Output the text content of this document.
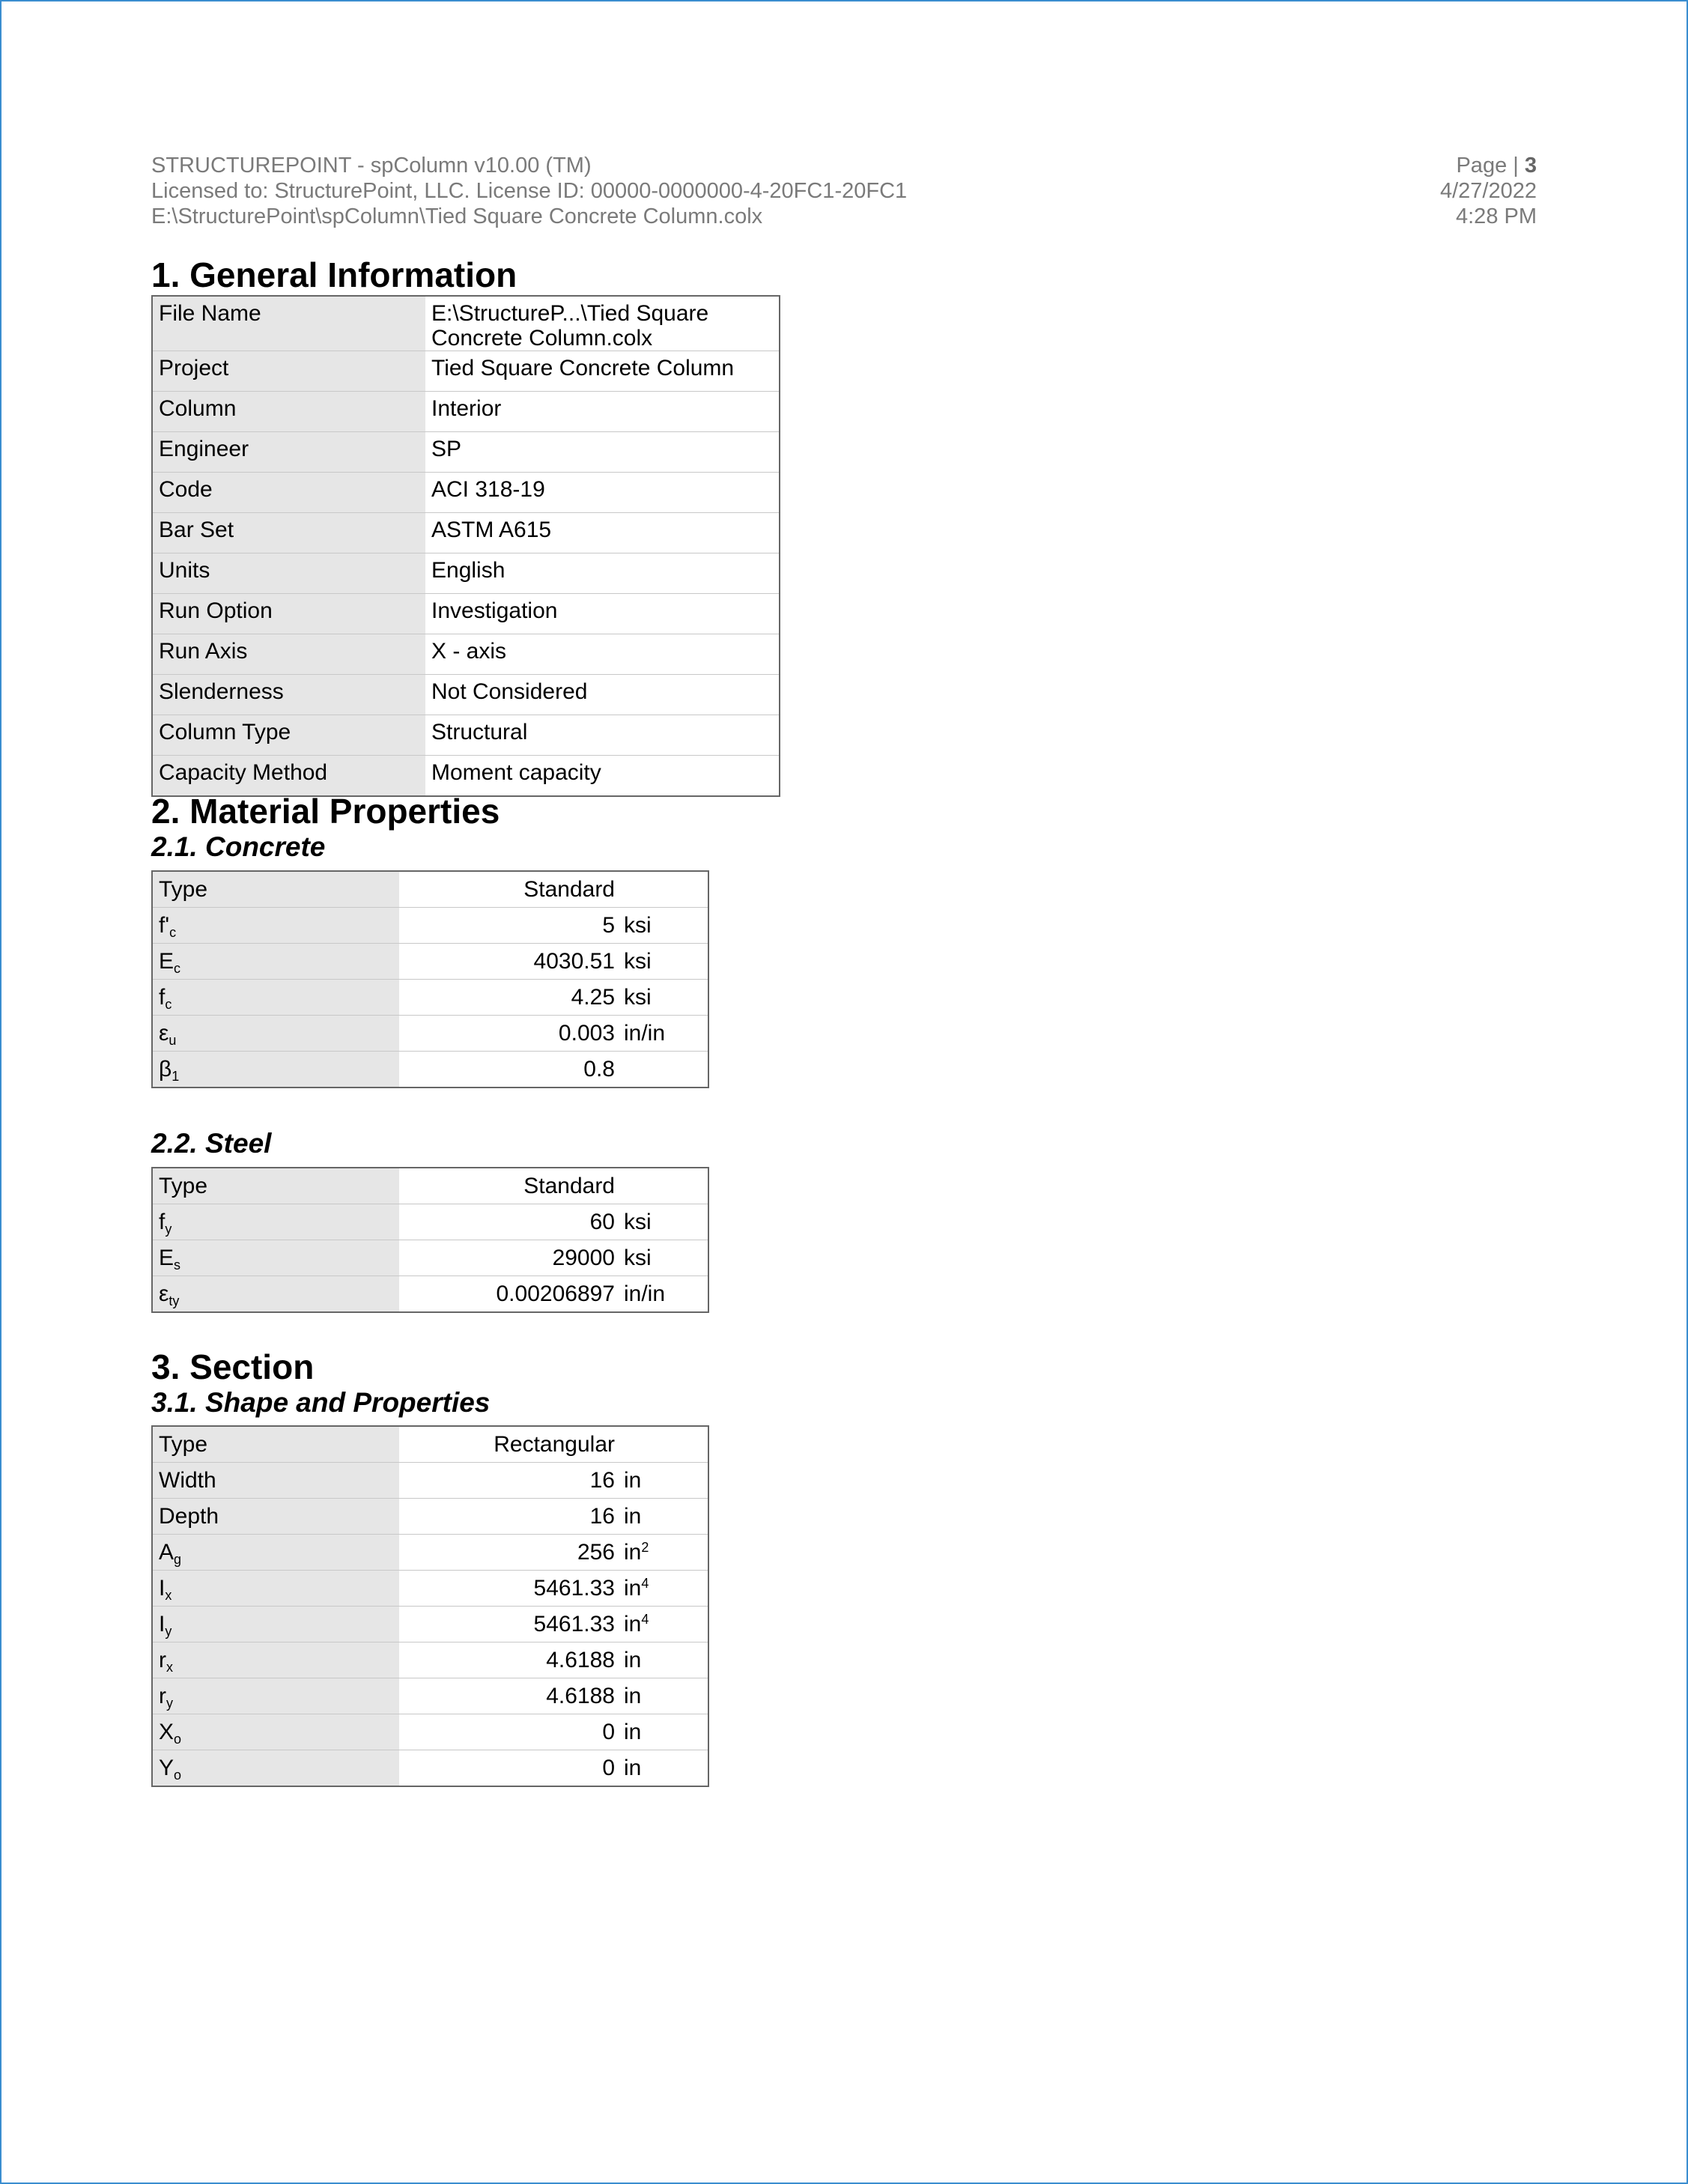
STRUCTUREPOINT - spColumn v10.00 (TM)
Licensed to: StructurePoint, LLC. License ID: 00000-0000000-4-20FC1-20FC1
E:\StructurePoint\spColumn\Tied Square Concrete Column.colx
Page | 3
4/27/2022
4:28 PM
1. General Information
File Name	E:\StructureP...\Tied Square Concrete Column.colx
Project	Tied Square Concrete Column
Column	Interior
Engineer	SP
Code	ACI 318-19
Bar Set	ASTM A615
Units	English
Run Option	Investigation
Run Axis	X - axis
Slenderness	Not Considered
Column Type	Structural
Capacity Method	Moment capacity
2. Material Properties
2.1. Concrete
Type	Standard	
$f'_c$	5	ksi
$E_c$	4030.51	ksi
$f_c$	4.25	ksi
$\varepsilon_u$	0.003	in/in
$\beta_1$	0.8	
2.2. Steel
Type	Standard	
$f_y$	60	ksi
$E_s$	29000	ksi
$\varepsilon_{ty}$	0.00206897	in/in
3. Section
3.1. Shape and Properties
Type	Rectangular	
Width	16	in
Depth	16	in
$A_g$	256	$in^2$
$I_x$	5461.33	$in^4$
$I_y$	5461.33	$in^4$
$r_x$	4.6188	in
$r_y$	4.6188	in
$X_o$	0	in
$Y_o$	0	in
